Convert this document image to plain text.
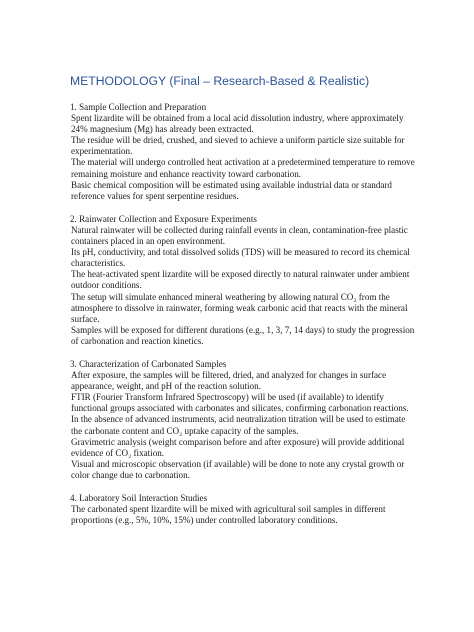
METHODOLOGY (Final – Research-Based & Realistic)

1. Sample Collection and Preparation

Spent lizardite will be obtained from a local acid dissolution industry, where approximately 24% magnesium (Mg) has already been extracted.

The residue will be dried, crushed, and sieved to achieve a uniform particle size suitable for experimentation.

The material will undergo controlled heat activation at a predetermined temperature to remove remaining moisture and enhance reactivity toward carbonation.

Basic chemical composition will be estimated using available industrial data or standard reference values for spent serpentine residues.

2. Rainwater Collection and Exposure Experiments

Natural rainwater will be collected during rainfall events in clean, contamination-free plastic containers placed in an open environment.

Its pH, conductivity, and total dissolved solids (TDS) will be measured to record its chemical characteristics.

The heat-activated spent lizardite will be exposed directly to natural rainwater under ambient outdoor conditions.

The setup will simulate enhanced mineral weathering by allowing natural CO₂ from the atmosphere to dissolve in rainwater, forming weak carbonic acid that reacts with the mineral surface.

Samples will be exposed for different durations (e.g., 1, 3, 7, 14 days) to study the progression of carbonation and reaction kinetics.

3. Characterization of Carbonated Samples

After exposure, the samples will be filtered, dried, and analyzed for changes in surface appearance, weight, and pH of the reaction solution.

FTIR (Fourier Transform Infrared Spectroscopy) will be used (if available) to identify functional groups associated with carbonates and silicates, confirming carbonation reactions.

In the absence of advanced instruments, acid neutralization titration will be used to estimate the carbonate content and CO₂ uptake capacity of the samples.

Gravimetric analysis (weight comparison before and after exposure) will provide additional evidence of CO₂ fixation.

Visual and microscopic observation (if available) will be done to note any crystal growth or color change due to carbonation.

4. Laboratory Soil Interaction Studies

The carbonated spent lizardite will be mixed with agricultural soil samples in different proportions (e.g., 5%, 10%, 15%) under controlled laboratory conditions.
